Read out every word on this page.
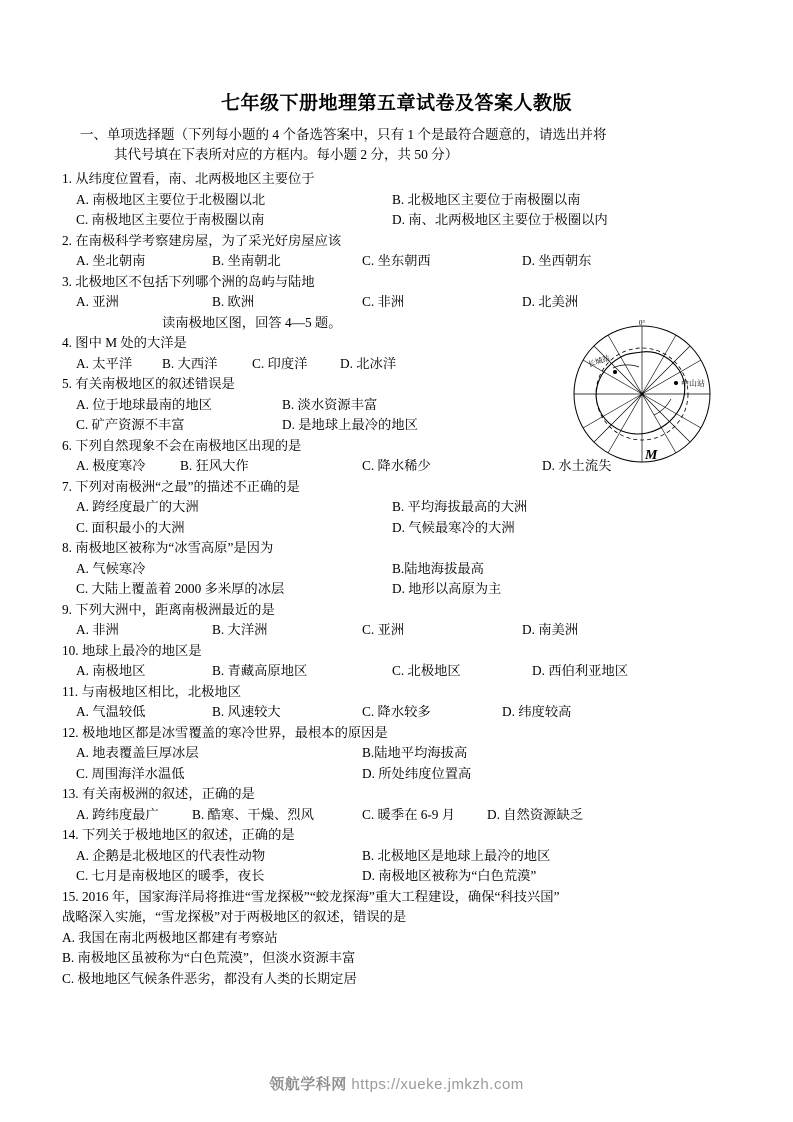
七年级下册地理第五章试卷及答案人教版
一、单项选择题（下列每小题的 4 个备选答案中，只有 1 个是最符合题意的，请选出并将
其代号填在下表所对应的方框内。每小题 2 分，共 50 分）
1. 从纬度位置看，南、北两极地区主要位于
A. 南极地区主要位于北极圈以北	B. 北极地区主要位于南极圈以南
C. 南极地区主要位于南极圈以南	D. 南、北两极地区主要位于极圈以内
2. 在南极科学考察建房屋，为了采光好房屋应该
A. 坐北朝南	B. 坐南朝北	C. 坐东朝西	D. 坐西朝东
3. 北极地区不包括下列哪个洲的岛屿与陆地
A. 亚洲	B. 欧洲	C. 非洲	D. 北美洲
读南极地区图，回答 4—5 题。
4. 图中 M 处的大洋是
A. 太平洋 B. 大西洋	C. 印度洋 D. 北冰洋
5. 有关南极地区的叙述错误是
A. 位于地球最南的地区	B. 淡水资源丰富
C. 矿产资源不丰富	D. 是地球上最冷的地区
6. 下列自然现象不会在南极地区出现的是
A. 极度寒冷	B. 狂风大作	C. 降水稀少	D. 水土流失
7. 下列对南极洲“之最”的描述不正确的是
A. 跨经度最广的大洲	B. 平均海拔最高的大洲
C. 面积最小的大洲	D. 气候最寒冷的大洲
8. 南极地区被称为“冰雪高原”是因为
A. 气候寒冷	B.陆地海拔最高
C. 大陆上覆盖着 2000 多米厚的冰层	D. 地形以高原为主
9. 下列大洲中，距离南极洲最近的是
A. 非洲	B. 大洋洲	C. 亚洲	D. 南美洲
10. 地球上最冷的地区是
A. 南极地区	B. 青藏高原地区	C. 北极地区	D. 西伯利亚地区
11. 与南极地区相比，北极地区
A. 气温较低	B. 风速较大	C. 降水较多	D. 纬度较高
12. 极地地区都是冰雪覆盖的寒冷世界，最根本的原因是
A. 地表覆盖巨厚冰层	B.陆地平均海拔高
C. 周围海洋水温低	D. 所处纬度位置高
13. 有关南极洲的叙述，正确的是
A. 跨纬度最广	B. 酷寒、干燥、烈风	C. 暖季在 6-9 月 D. 自然资源缺乏
14. 下列关于极地地区的叙述，正确的是
A. 企鹅是北极地区的代表性动物	B. 北极地区是地球上最冷的地区
C. 七月是南极地区的暖季，夜长	D. 南极地区被称为“白色荒漠”
15. 2016 年，国家海洋局将推进“雪龙探极”“蛟龙探海”重大工程建设，确保“科技兴国”
战略深入实施，“雪龙探极”对于两极地区的叙述，错误的是
A. 我国在南北两极地区都建有考察站
B. 南极地区虽被称为“白色荒漠”，但淡水资源丰富
C. 极地地区气候条件恶劣，都没有人类的长期定居
0°
长城站
中山站
M
领航学科网 https://xueke.jmkzh.com
